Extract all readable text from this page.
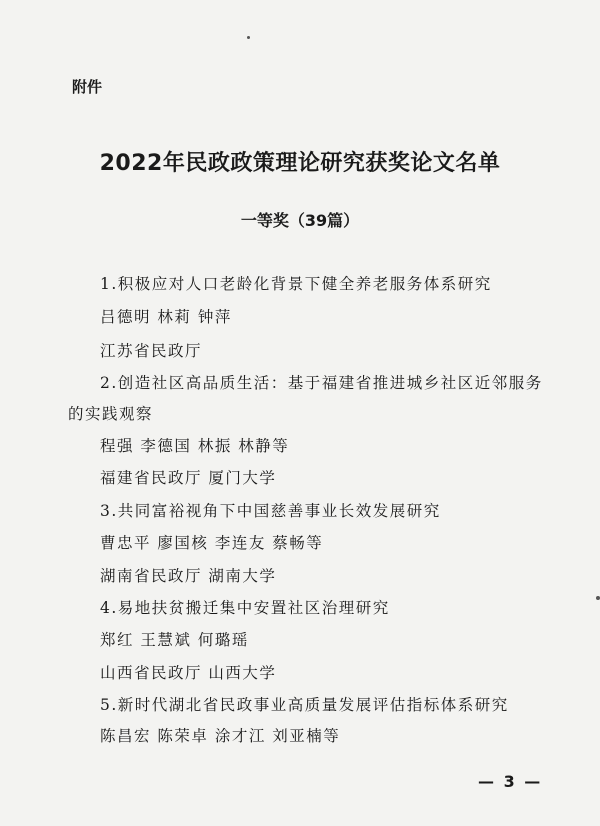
附件
2022年民政政策理论研究获奖论文名单
一等奖（39篇）
1.积极应对人口老龄化背景下健全养老服务体系研究
吕德明 林莉 钟萍
江苏省民政厅
2.创造社区高品质生活：基于福建省推进城乡社区近邻服务
的实践观察
程强 李德国 林振 林静等
福建省民政厅 厦门大学
3.共同富裕视角下中国慈善事业长效发展研究
曹忠平 廖国核 李连友 蔡畅等
湖南省民政厅 湖南大学
4.易地扶贫搬迁集中安置社区治理研究
郑红 王慧斌 何璐瑶
山西省民政厅 山西大学
5.新时代湖北省民政事业高质量发展评估指标体系研究
陈昌宏 陈荣卓 涂才江 刘亚楠等
— 3 —
